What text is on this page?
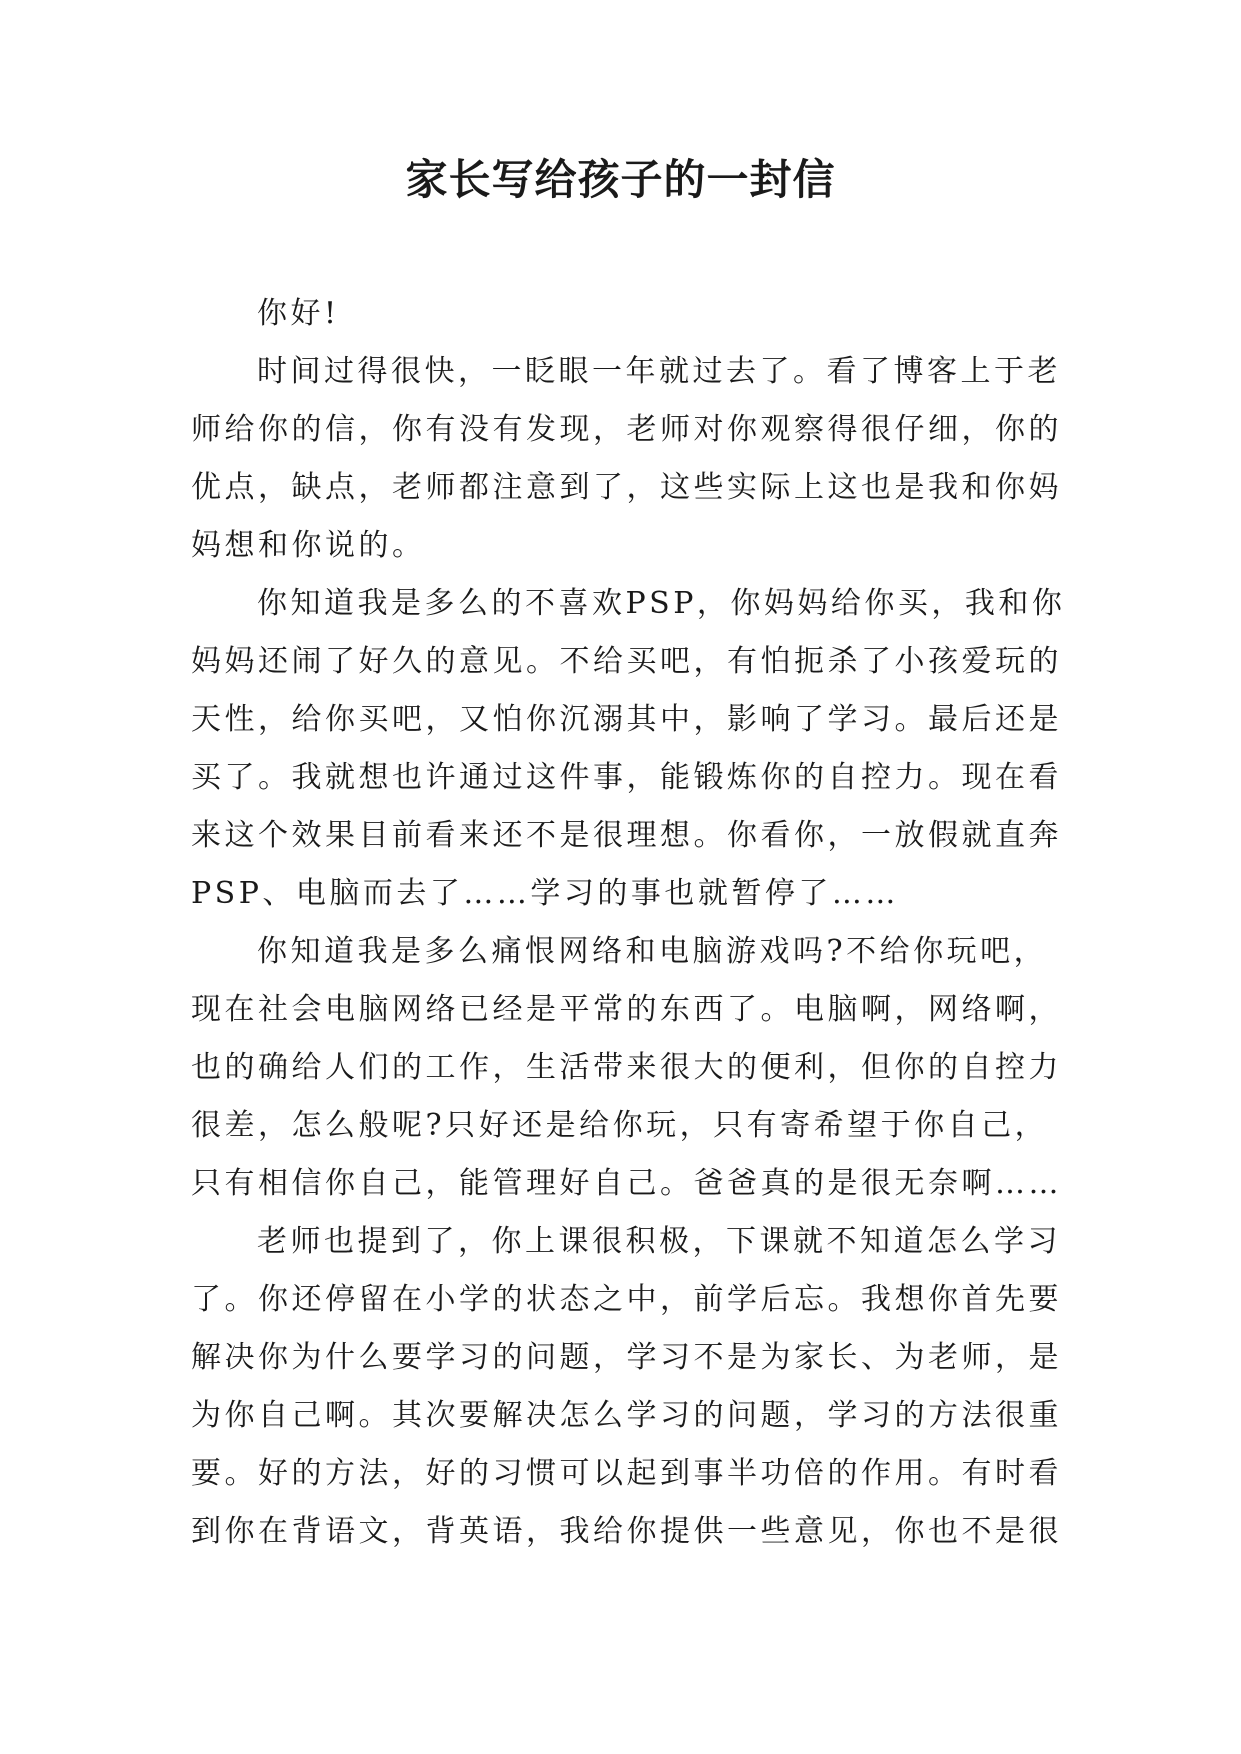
家长写给孩子的一封信
你好!
时间过得很快，一眨眼一年就过去了。看了博客上于老
师给你的信，你有没有发现，老师对你观察得很仔细，你的
优点，缺点，老师都注意到了，这些实际上这也是我和你妈
妈想和你说的。
你知道我是多么的不喜欢PSP，你妈妈给你买，我和你
妈妈还闹了好久的意见。不给买吧，有怕扼杀了小孩爱玩的
天性，给你买吧，又怕你沉溺其中，影响了学习。最后还是
买了。我就想也许通过这件事，能锻炼你的自控力。现在看
来这个效果目前看来还不是很理想。你看你，一放假就直奔
PSP、电脑而去了……学习的事也就暂停了……
你知道我是多么痛恨网络和电脑游戏吗?不给你玩吧，
现在社会电脑网络已经是平常的东西了。电脑啊，网络啊，
也的确给人们的工作，生活带来很大的便利，但你的自控力
很差，怎么般呢?只好还是给你玩，只有寄希望于你自己，
只有相信你自己，能管理好自己。爸爸真的是很无奈啊……
老师也提到了，你上课很积极，下课就不知道怎么学习
了。你还停留在小学的状态之中，前学后忘。我想你首先要
解决你为什么要学习的问题，学习不是为家长、为老师，是
为你自己啊。其次要解决怎么学习的问题，学习的方法很重
要。好的方法，好的习惯可以起到事半功倍的作用。有时看
到你在背语文，背英语，我给你提供一些意见，你也不是很
